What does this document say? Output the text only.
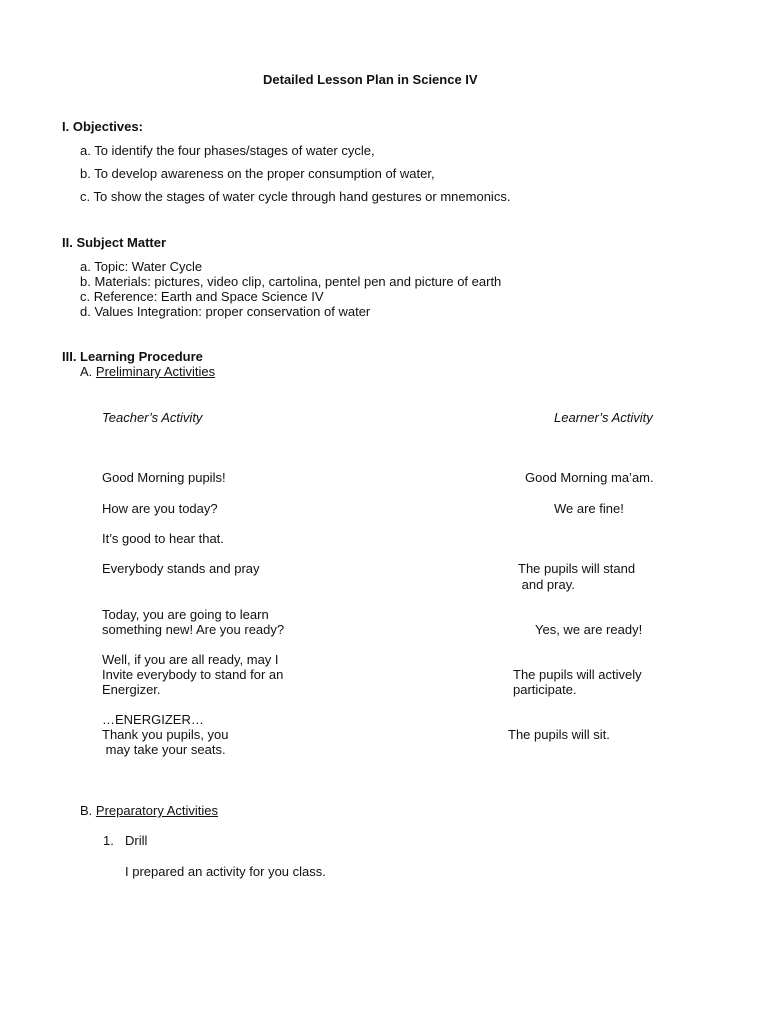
Detailed Lesson Plan in Science IV
I. Objectives:
a. To identify the four phases/stages of water cycle,
b. To develop awareness on the proper consumption of water,
c. To show the stages of water cycle through hand gestures or mnemonics.
II. Subject Matter
a. Topic: Water Cycle
b. Materials: pictures, video clip, cartolina, pentel pen and picture of earth
c. Reference: Earth and Space Science IV
d. Values Integration: proper conservation of water
III. Learning Procedure
A. Preliminary Activities
Teacher’s Activity	Learner’s Activity
Good Morning pupils!	Good Morning ma’am.
How are you today?	We are fine!
It’s good to hear that.
Everybody stands and pray	The pupils will stand
and pray.
Today, you are going to learn
something new! Are you ready?	Yes, we are ready!
Well, if you are all ready, may I
Invite everybody to stand for an	The pupils will actively
Energizer.	participate.
…ENERGIZER…
Thank you pupils, you	The pupils will sit.
may take your seats.
B. Preparatory Activities
1. Drill
I prepared an activity for you class.
